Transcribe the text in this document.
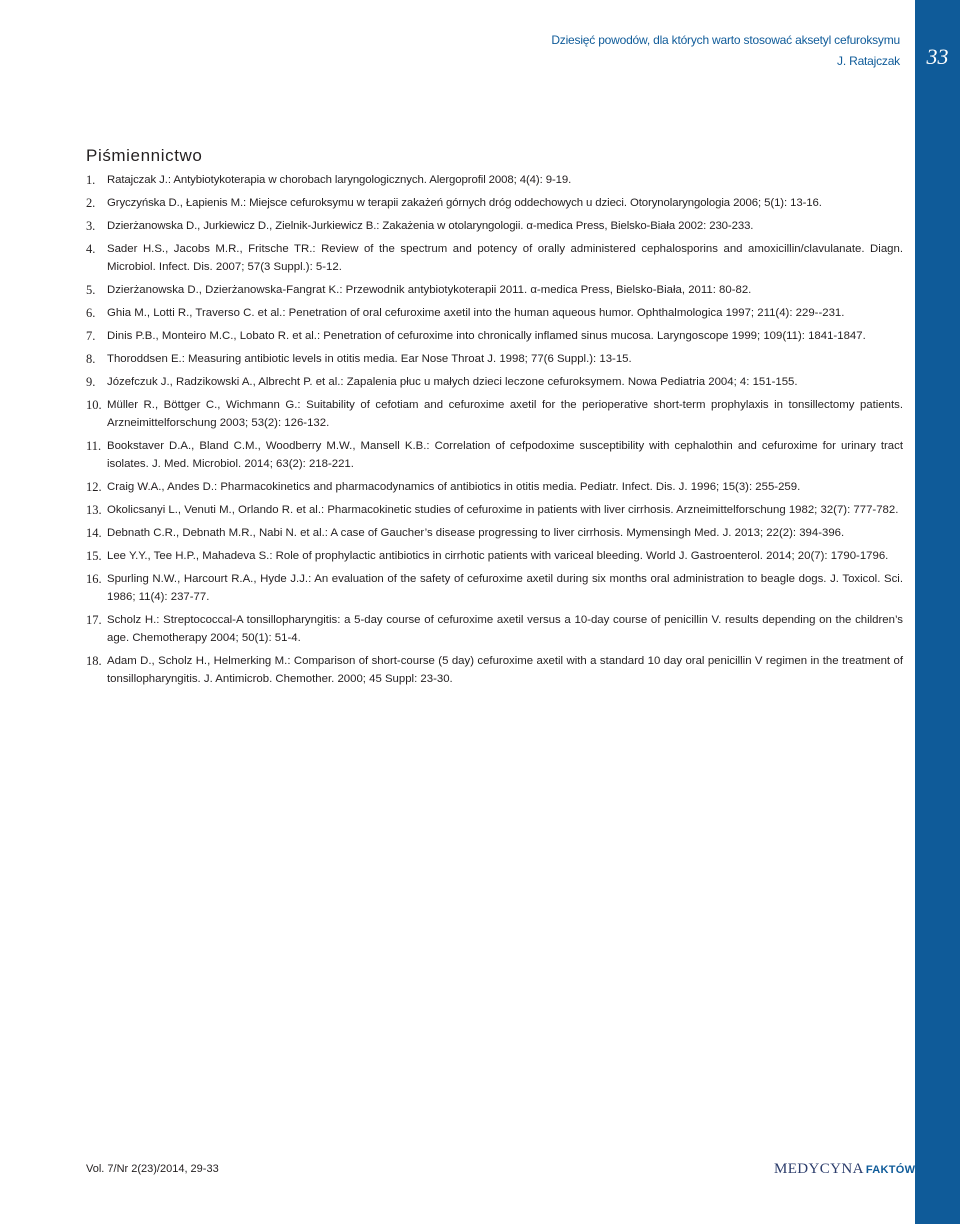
Dziesięć powodów, dla których warto stosować aksetyl cefuroksymu
J. Ratajczak	33
Piśmiennictwo
1. Ratajczak J.: Antybiotykoterapia w chorobach laryngologicznych. Alergoprofil 2008; 4(4): 9-19.
2. Gryczyńska D., Łapienis M.: Miejsce cefuroksymu w terapii zakażeń górnych dróg oddechowych u dzieci. Otorynolaryngologia 2006; 5(1): 13-16.
3. Dzierżanowska D., Jurkiewicz D., Zielnik-Jurkiewicz B.: Zakażenia w otolaryngologii. α-medica Press, Bielsko-Biała 2002: 230-233.
4. Sader H.S., Jacobs M.R., Fritsche TR.: Review of the spectrum and potency of orally administered cephalosporins and amoxicillin/clavulanate. Diagn. Microbiol. Infect. Dis. 2007; 57(3 Suppl.): 5-12.
5. Dzierżanowska D., Dzierżanowska-Fangrat K.: Przewodnik antybiotykoterapii 2011. α-medica Press, Bielsko-Biała, 2011: 80-82.
6. Ghia M., Lotti R., Traverso C. et al.: Penetration of oral cefuroxime axetil into the human aqueous humor. Ophthalmologica 1997; 211(4): 229--231.
7. Dinis P.B., Monteiro M.C., Lobato R. et al.: Penetration of cefuroxime into chronically inflamed sinus mucosa. Laryngoscope 1999; 109(11): 1841-1847.
8. Thoroddsen E.: Measuring antibiotic levels in otitis media. Ear Nose Throat J. 1998; 77(6 Suppl.): 13-15.
9. Józefczuk J., Radzikowski A., Albrecht P. et al.: Zapalenia płuc u małych dzieci leczone cefuroksymem. Nowa Pediatria 2004; 4: 151-155.
10. Müller R., Böttger C., Wichmann G.: Suitability of cefotiam and cefuroxime axetil for the perioperative short-term prophylaxis in tonsillectomy patients. Arzneimittelforschung 2003; 53(2): 126-132.
11. Bookstaver D.A., Bland C.M., Woodberry M.W., Mansell K.B.: Correlation of cefpodoxime susceptibility with cephalothin and cefuroxime for urinary tract isolates. J. Med. Microbiol. 2014; 63(2): 218-221.
12. Craig W.A., Andes D.: Pharmacokinetics and pharmacodynamics of antibiotics in otitis media. Pediatr. Infect. Dis. J. 1996; 15(3): 255-259.
13. Okolicsanyi L., Venuti M., Orlando R. et al.: Pharmacokinetic studies of cefuroxime in patients with liver cirrhosis. Arzneimittelforschung 1982; 32(7): 777-782.
14. Debnath C.R., Debnath M.R., Nabi N. et al.: A case of Gaucher’s disease progressing to liver cirrhosis. Mymensingh Med. J. 2013; 22(2): 394-396.
15. Lee Y.Y., Tee H.P., Mahadeva S.: Role of prophylactic antibiotics in cirrhotic patients with variceal bleeding. World J. Gastroenterol. 2014; 20(7): 1790-1796.
16. Spurling N.W., Harcourt R.A., Hyde J.J.: An evaluation of the safety of cefuroxime axetil during six months oral administration to beagle dogs. J. Toxicol. Sci. 1986; 11(4): 237-77.
17. Scholz H.: Streptococcal-A tonsillopharyngitis: a 5-day course of cefuroxime axetil versus a 10-day course of penicillin V. results depending on the children’s age. Chemotherapy 2004; 50(1): 51-4.
18. Adam D., Scholz H., Helmerking M.: Comparison of short-course (5 day) cefuroxime axetil with a standard 10 day oral penicillin V regimen in the treatment of tonsillopharyngitis. J. Antimicrob. Chemother. 2000; 45 Suppl: 23-30.
Vol. 7/Nr 2(23)/2014, 29-33	MEDYCYNA FAKTÓW
